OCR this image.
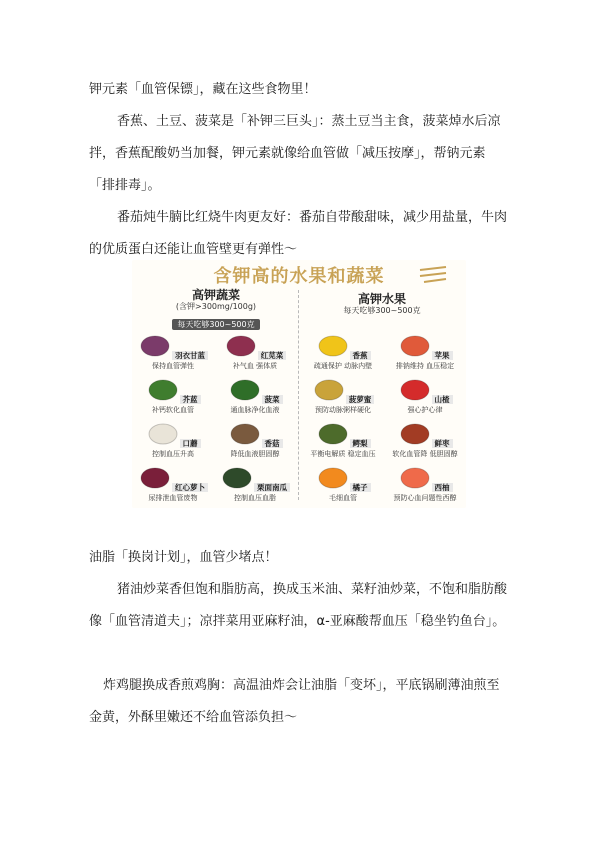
钾元素「血管保镖」，藏在这些食物里！

香蕉、土豆、菠菜是「补钾三巨头」：蒸土豆当主食，菠菜焯水后凉拌，香蕉配酸奶当加餐，钾元素就像给血管做「减压按摩」，帮钠元素「排排毒」。

番茄炖牛腩比红烧牛肉更友好：番茄自带酸甜味，减少用盐量，牛肉的优质蛋白还能让血管壁更有弹性～

含钾高的水果和蔬菜
高钾蔬菜
(含钾>300mg/100g)
每天吃够300~500克
高钾水果
每天吃够300~500克
羽衣甘蓝
保持血管弹性
红苋菜
补气血 强体质
芥蓝
补钙软化血管
菠菜
通血脉净化血液
口蘑
控制血压升高
香菇
降低血液胆固醇
红心萝卜
尿排泄血管废物
栗面南瓜
控制血压血脂
香蕉
疏通保护 动脉内壁
苹果
排钠维持 血压稳定
菠萝蜜
预防动脉粥样硬化
山楂
强心护心律
鳄梨
平衡电解质 稳定血压
鲜枣
软化血管降 低胆固醇
橘子
毛细血管
西柚
预防心血问题性西醇

油脂「换岗计划」，血管少堵点！

猪油炒菜香但饱和脂肪高，换成玉米油、菜籽油炒菜，不饱和脂肪酸像「血管清道夫」；凉拌菜用亚麻籽油，α-亚麻酸帮血压「稳坐钓鱼台」。

炸鸡腿换成香煎鸡胸：高温油炸会让油脂「变坏」，平底锅刷薄油煎至金黄，外酥里嫩还不给血管添负担～
